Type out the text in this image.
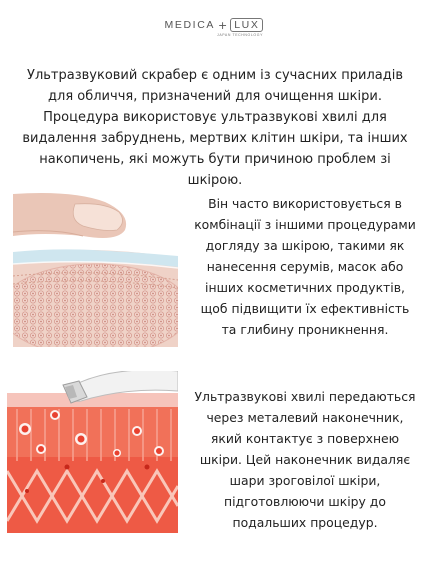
MEDICA + LUX
JAPAN TECHNOLOGY

Ультразвуковий скрабер є одним із сучасних приладів для обличчя, призначений для очищення шкіри. Процедура використовує ультразвукові хвилі для видалення забруднень, мертвих клітин шкіри, та інших накопичень, які можуть бути причиною проблем зі шкірою.

Він часто використовується в комбінації з іншими процедурами догляду за шкірою, такими як нанесення серумів, масок або інших косметичних продуктів, щоб підвищити їх ефективність та глибину проникнення.

Ультразвукові хвилі передаються через металевий наконечник, який контактує з поверхнею шкіри. Цей наконечник видаляє шари зроговілої шкіри, підготовлюючи шкіру до подальших процедур.
